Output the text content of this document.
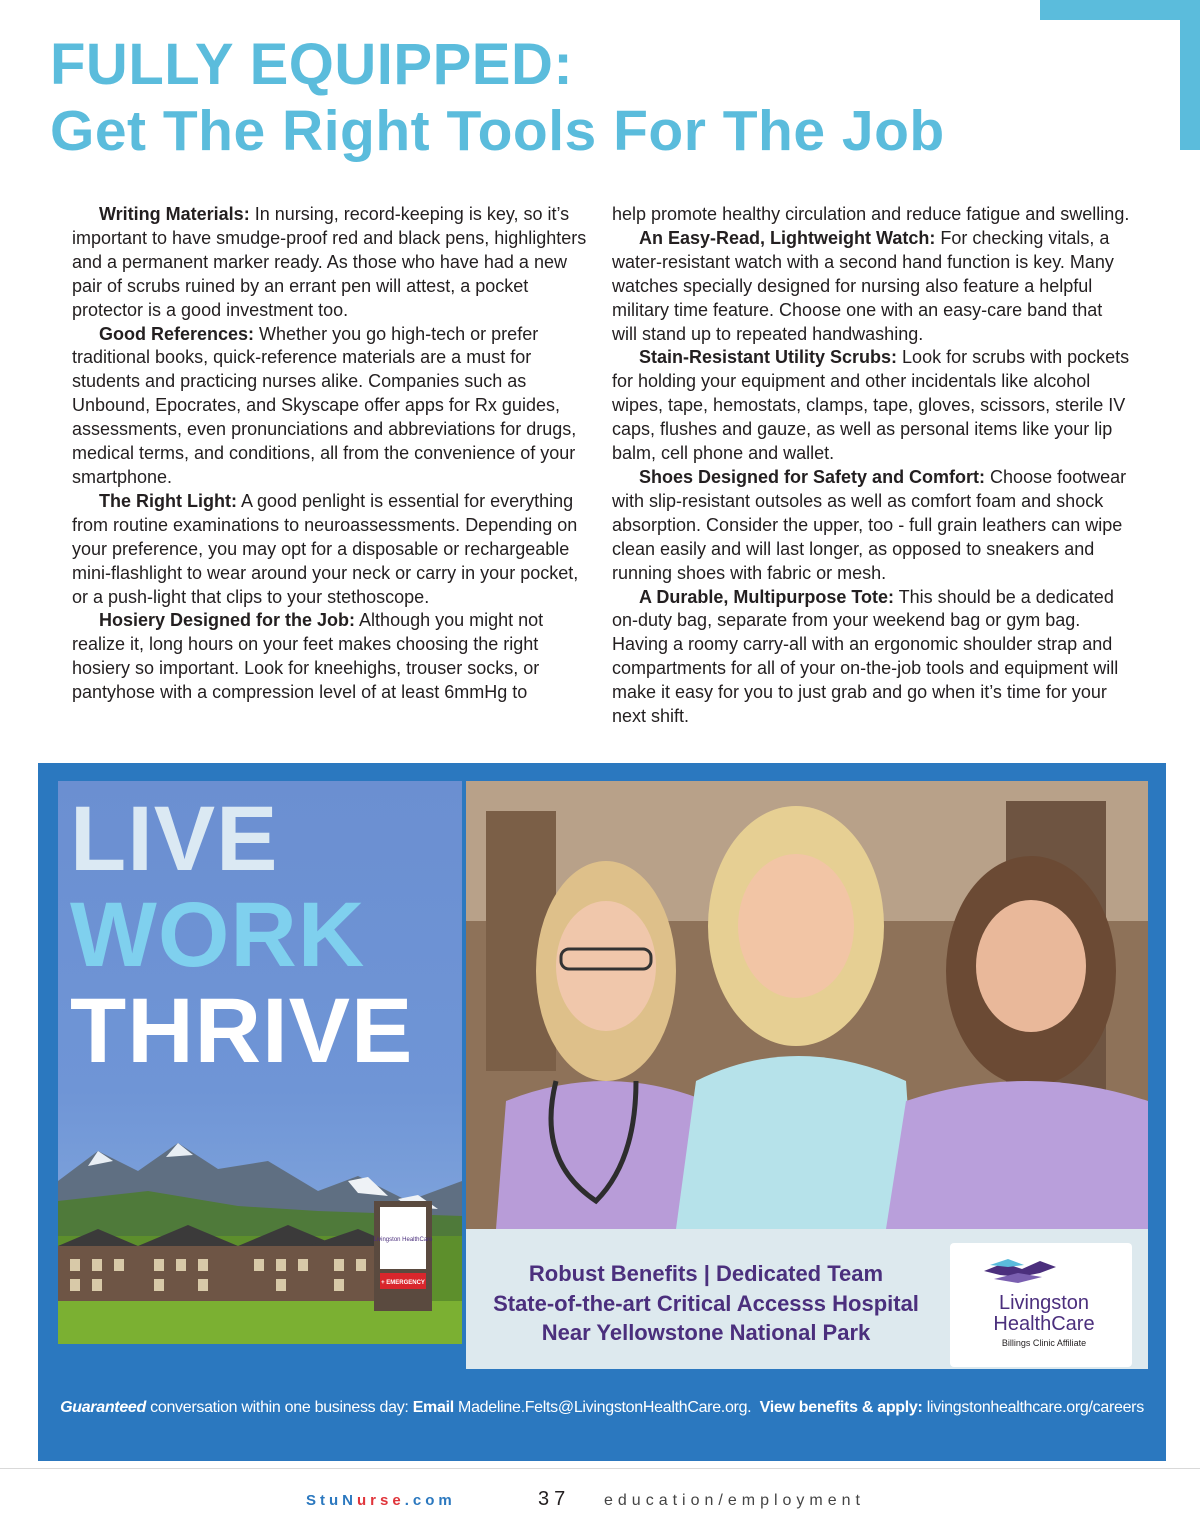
FULLY EQUIPPED:
Get The Right Tools For The Job

Writing Materials: In nursing, record-keeping is key, so it’s important to have smudge-proof red and black pens, highlighters and a permanent marker ready. As those who have had a new pair of scrubs ruined by an errant pen will attest, a pocket protector is a good investment too.

Good References: Whether you go high-tech or prefer traditional books, quick-reference materials are a must for students and practicing nurses alike. Companies such as Unbound, Epocrates, and Skyscape offer apps for Rx guides, assessments, even pronunciations and abbreviations for drugs, medical terms, and conditions, all from the convenience of your smartphone.

The Right Light: A good penlight is essential for everything from routine examinations to neuroassessments. Depending on your preference, you may opt for a disposable or rechargeable mini-flashlight to wear around your neck or carry in your pocket, or a push-light that clips to your stethoscope.

Hosiery Designed for the Job: Although you might not realize it, long hours on your feet makes choosing the right hosiery so important. Look for kneehighs, trouser socks, or pantyhose with a compression level of at least 6mmHg to

help promote healthy circulation and reduce fatigue and swelling.

An Easy-Read, Lightweight Watch: For checking vitals, a water-resistant watch with a second hand function is key. Many watches specially designed for nursing also feature a helpful military time feature. Choose one with an easy-care band that will stand up to repeated handwashing.

Stain-Resistant Utility Scrubs: Look for scrubs with pockets for holding your equipment and other incidentals like alcohol wipes, tape, hemostats, clamps, tape, gloves, scissors, sterile IV caps, flushes and gauze, as well as personal items like your lip balm, cell phone and wallet.

Shoes Designed for Safety and Comfort: Choose footwear with slip-resistant outsoles as well as comfort foam and shock absorption. Consider the upper, too - full grain leathers can wipe clean easily and will last longer, as opposed to sneakers and running shoes with fabric or mesh.

A Durable, Multipurpose Tote: This should be a dedicated on-duty bag, separate from your weekend bag or gym bag. Having a roomy carry-all with an ergonomic shoulder strap and compartments for all of your on-the-job tools and equipment will make it easy for you to just grab and go when it’s time for your next shift.

LIVE
WORK
THRIVE
Livingston HealthCare
+ EMERGENCY	Robust Benefits | Dedicated Team
State-of-the-art Critical Accesss Hospital
Near Yellowstone National Park
Livingston
HealthCare
Billings Clinic Affiliate
Guaranteed conversation within one business day: Email Madeline.Felts@LivingstonHealthCare.org. View benefits & apply: livingstonhealthcare.org/careers
StuNurse.com	37 education/employment
